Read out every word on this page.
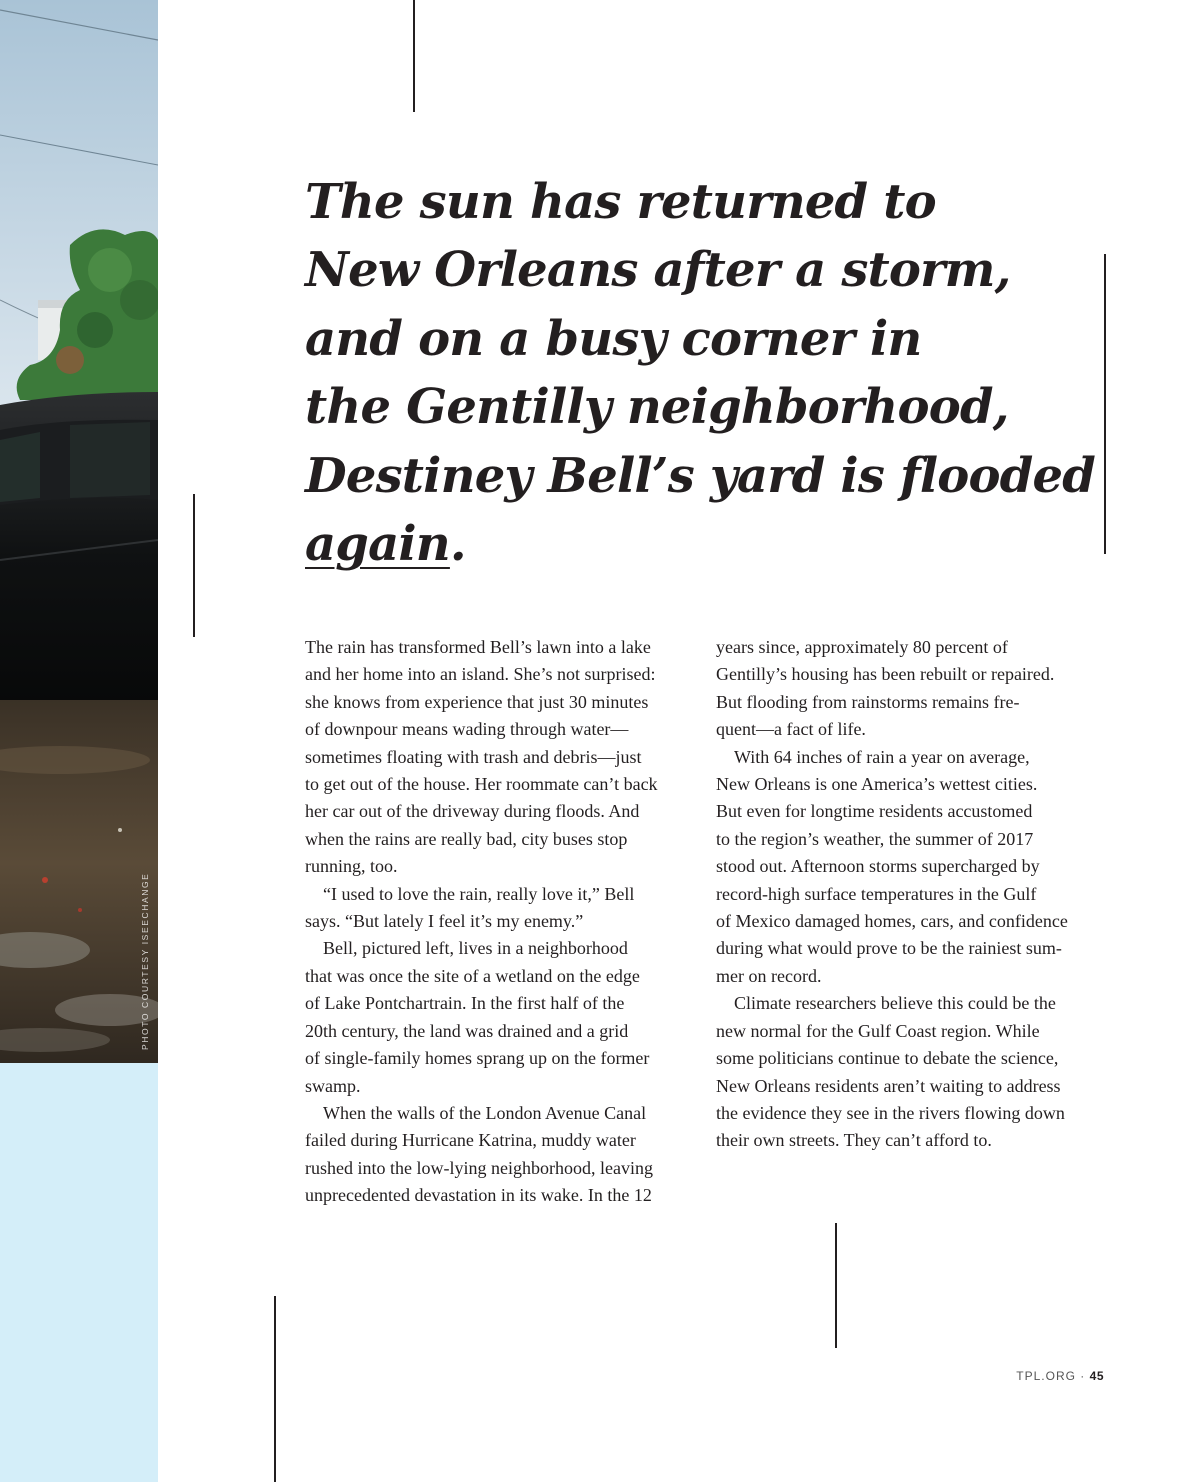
PHOTO COURTESY ISEECHANGE
The sun has returned to
New Orleans after a storm,
and on a busy corner in
the Gentilly neighborhood,
Destiney Bell’s yard is flooded
again.

The rain has transformed Bell’s lawn into a lake
and her home into an island. She’s not surprised:
she knows from experience that just 30 minutes
of downpour means wading through water—
sometimes floating with trash and debris—just
to get out of the house. Her roommate can’t back
her car out of the driveway during floods. And
when the rains are really bad, city buses stop
running, too.

“I used to love the rain, really love it,” Bell
says. “But lately I feel it’s my enemy.”

Bell, pictured left, lives in a neighborhood
that was once the site of a wetland on the edge
of Lake Pontchartrain. In the first half of the
20th century, the land was drained and a grid
of single-family homes sprang up on the former
swamp.

When the walls of the London Avenue Canal
failed during Hurricane Katrina, muddy water
rushed into the low-lying neighborhood, leaving
unprecedented devastation in its wake. In the 12

years since, approximately 80 percent of
Gentilly’s housing has been rebuilt or repaired.
But flooding from rainstorms remains fre-
quent—a fact of life.

With 64 inches of rain a year on average,
New Orleans is one America’s wettest cities.
But even for longtime residents accustomed
to the region’s weather, the summer of 2017
stood out. Afternoon storms supercharged by
record-high surface temperatures in the Gulf
of Mexico damaged homes, cars, and confidence
during what would prove to be the rainiest sum-
mer on record.

Climate researchers believe this could be the
new normal for the Gulf Coast region. While
some politicians continue to debate the science,
New Orleans residents aren’t waiting to address
the evidence they see in the rivers flowing down
their own streets. They can’t afford to.

TPL.ORG · 45
